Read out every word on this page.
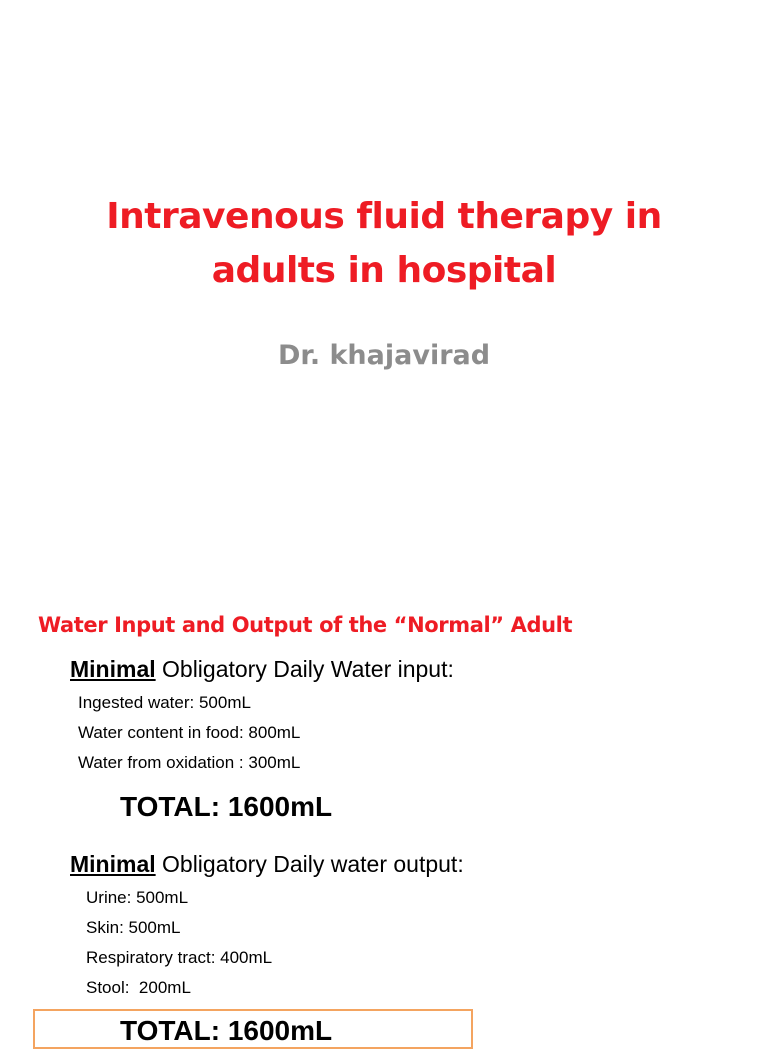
Intravenous fluid therapy in
adults in hospital
Dr. khajavirad
Water Input and Output of the “Normal” Adult
Minimal Obligatory Daily Water input:
Ingested water: 500mL
Water content in food: 800mL
Water from oxidation : 300mL
TOTAL: 1600mL
Minimal Obligatory Daily water output:
Urine: 500mL
Skin: 500mL
Respiratory tract: 400mL
Stool:  200mL
TOTAL: 1600mL
